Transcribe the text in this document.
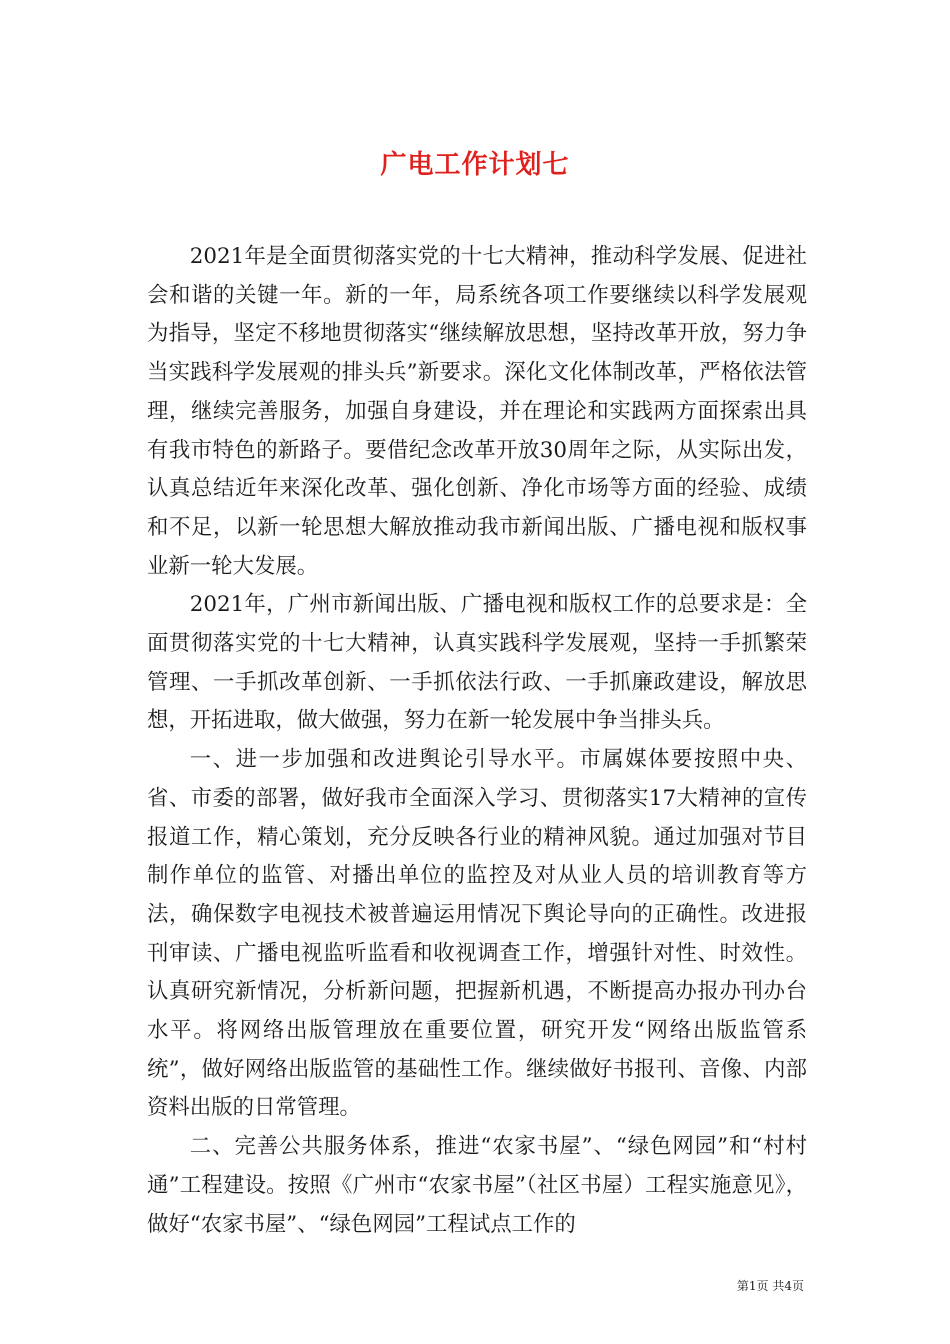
广电工作计划七

2021年是全面贯彻落实党的十七大精神，推动科学发展、促进社会和谐的关键一年。新的一年，局系统各项工作要继续以科学发展观为指导，坚定不移地贯彻落实“继续解放思想，坚持改革开放，努力争当实践科学发展观的排头兵”新要求。深化文化体制改革，严格依法管理，继续完善服务，加强自身建设，并在理论和实践两方面探索出具有我市特色的新路子。要借纪念改革开放30周年之际，从实际出发，认真总结近年来深化改革、强化创新、净化市场等方面的经验、成绩和不足，以新一轮思想大解放推动我市新闻出版、广播电视和版权事业新一轮大发展。

2021年，广州市新闻出版、广播电视和版权工作的总要求是：全面贯彻落实党的十七大精神，认真实践科学发展观，坚持一手抓繁荣管理、一手抓改革创新、一手抓依法行政、一手抓廉政建设，解放思想，开拓进取，做大做强，努力在新一轮发展中争当排头兵。

一、进一步加强和改进舆论引导水平。市属媒体要按照中央、省、市委的部署，做好我市全面深入学习、贯彻落实17大精神的宣传报道工作，精心策划，充分反映各行业的精神风貌。通过加强对节目制作单位的监管、对播出单位的监控及对从业人员的培训教育等方法，确保数字电视技术被普遍运用情况下舆论导向的正确性。改进报刊审读、广播电视监听监看和收视调查工作，增强针对性、时效性。认真研究新情况，分析新问题，把握新机遇，不断提高办报办刊办台水平。将网络出版管理放在重要位置，研究开发“网络出版监管系统”，做好网络出版监管的基础性工作。继续做好书报刊、音像、内部资料出版的日常管理。

二、完善公共服务体系，推进“农家书屋”、“绿色网园”和“村村通”工程建设。按照《广州市“农家书屋”（社区书屋）工程实施意见》，做好“农家书屋”、“绿色网园”工程试点工作的

第1页 共4页
